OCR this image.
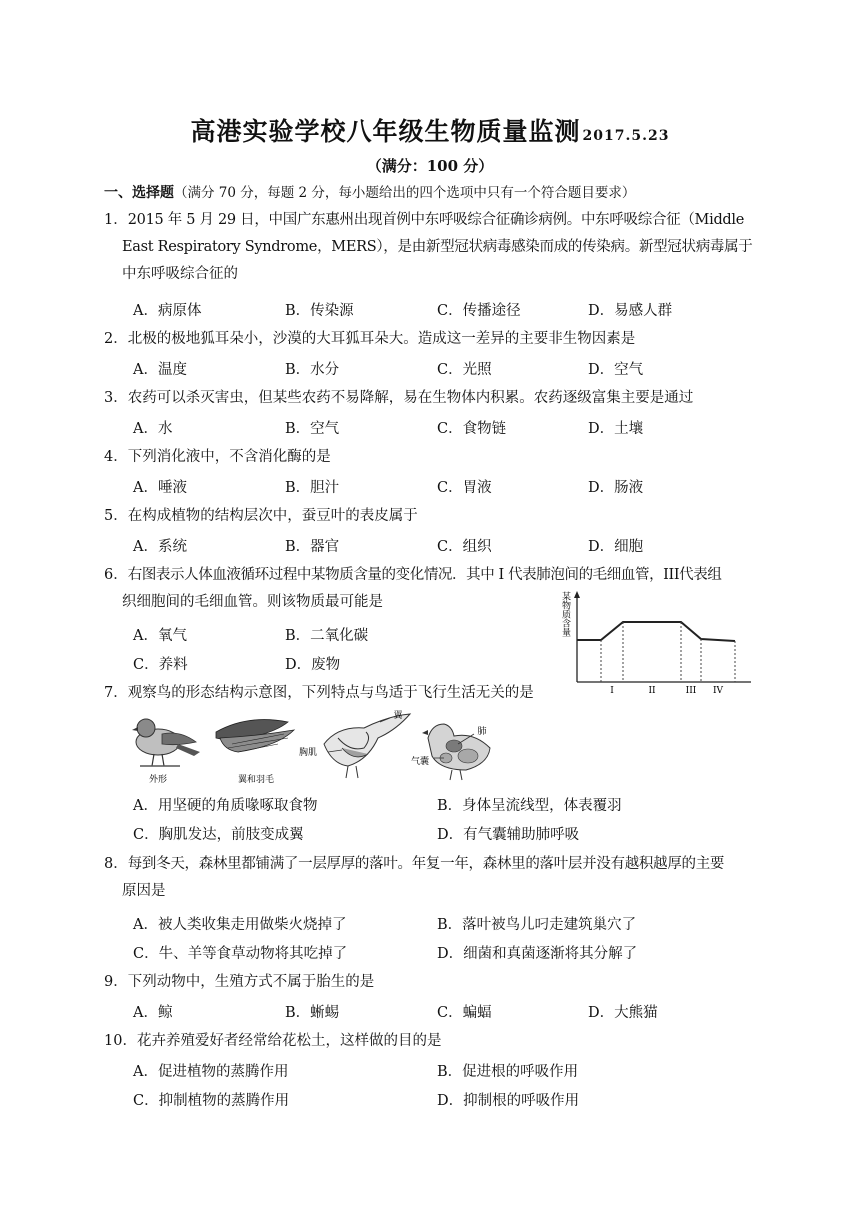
高港实验学校八年级生物质量监测 2017.5.23
（满分：100 分）
一、选择题（满分 70 分，每题 2 分，每小题给出的四个选项中只有一个符合题目要求）
1．2015 年 5 月 29 日，中国广东惠州出现首例中东呼吸综合征确诊病例。中东呼吸综合征（Middle
East Respiratory Syndrome，MERS），是由新型冠状病毒感染而成的传染病。新型冠状病毒属于
中东呼吸综合征的
A．病原体	B．传染源	C．传播途径	D．易感人群
2．北极的极地狐耳朵小，沙漠的大耳狐耳朵大。造成这一差异的主要非生物因素是
A．温度	B．水分	C．光照	D．空气
3．农药可以杀灭害虫，但某些农药不易降解，易在生物体内积累。农药逐级富集主要是通过
A．水	B．空气	C．食物链	D．土壤
4．下列消化液中，不含消化酶的是
A．唾液	B．胆汁	C．胃液	D．肠液
5．在构成植物的结构层次中，蚕豆叶的表皮属于
A．系统	B．器官	C．组织	D．细胞
6．右图表示人体血液循环过程中某物质含量的变化情况．其中 I 代表肺泡间的毛细血管，III代表组
织细胞间的毛细血管。则该物质最可能是
A．氧气	B．二氧化碳
C．养料	D．废物
某物质含量
I	II	III IV
7．观察鸟的形态结构示意图，下列特点与鸟适于飞行生活无关的是
外形	翼和羽毛
胸肌
翼
肺
气囊
A．用坚硬的角质喙啄取食物	B．身体呈流线型，体表覆羽
C．胸肌发达，前肢变成翼	D．有气囊辅助肺呼吸
8．每到冬天，森林里都铺满了一层厚厚的落叶。年复一年，森林里的落叶层并没有越积越厚的主要
原因是
A．被人类收集走用做柴火烧掉了	B．落叶被鸟儿叼走建筑巢穴了
C．牛、羊等食草动物将其吃掉了	D．细菌和真菌逐渐将其分解了
9．下列动物中，生殖方式不属于胎生的是
A．鲸	B．蜥蜴	C．蝙蝠	D．大熊猫
10．花卉养殖爱好者经常给花松土，这样做的目的是
A．促进植物的蒸腾作用	B．促进根的呼吸作用
C．抑制植物的蒸腾作用	D．抑制根的呼吸作用
